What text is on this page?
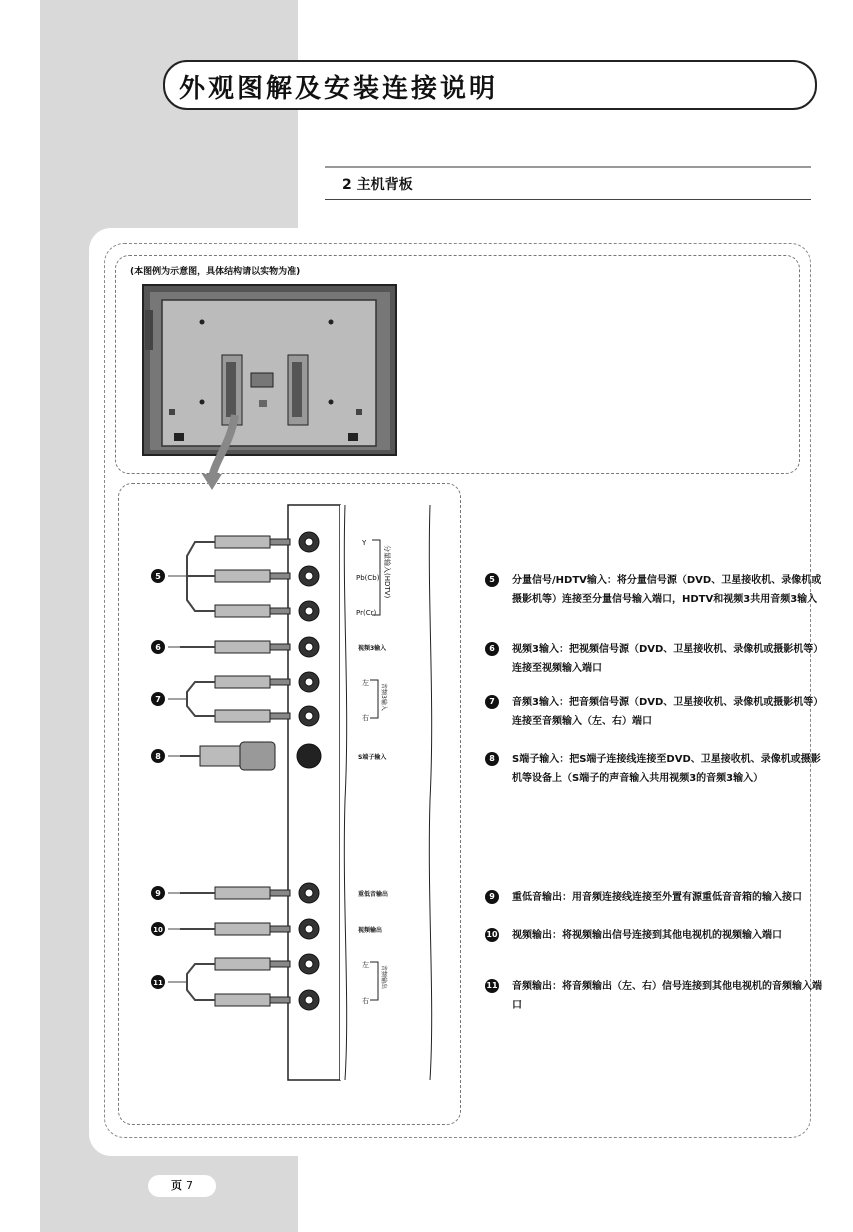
外观图解及安装连接说明
2 主机背板
(本图例为示意图，具体结构请以实物为准)
5
6
7
8
9
10
11
Y
Pb(Cb)
Pr(Cr)
分量输入(HDTV)
视频3输入
左
右
音频3输入
S端子输入
重低音输出
视频输出
左
右
音频输出
5	分量信号/HDTV输入：将分量信号源（DVD、卫星接收机、录像机或摄影机等）连接至分量信号输入端口，HDTV和视频3共用音频3输入
6	视频3输入：把视频信号源（DVD、卫星接收机、录像机或摄影机等）连接至视频输入端口
7	音频3输入：把音频信号源（DVD、卫星接收机、录像机或摄影机等）连接至音频输入（左、右）端口
8	S端子输入：把S端子连接线连接至DVD、卫星接收机、录像机或摄影机等设备上（S端子的声音输入共用视频3的音频3输入）
9	重低音输出：用音频连接线连接至外置有源重低音音箱的输入接口
10 视频输出：将视频输出信号连接到其他电视机的视频输入端口
11 音频输出：将音频输出（左、右）信号连接到其他电视机的音频输入端口
页 7
